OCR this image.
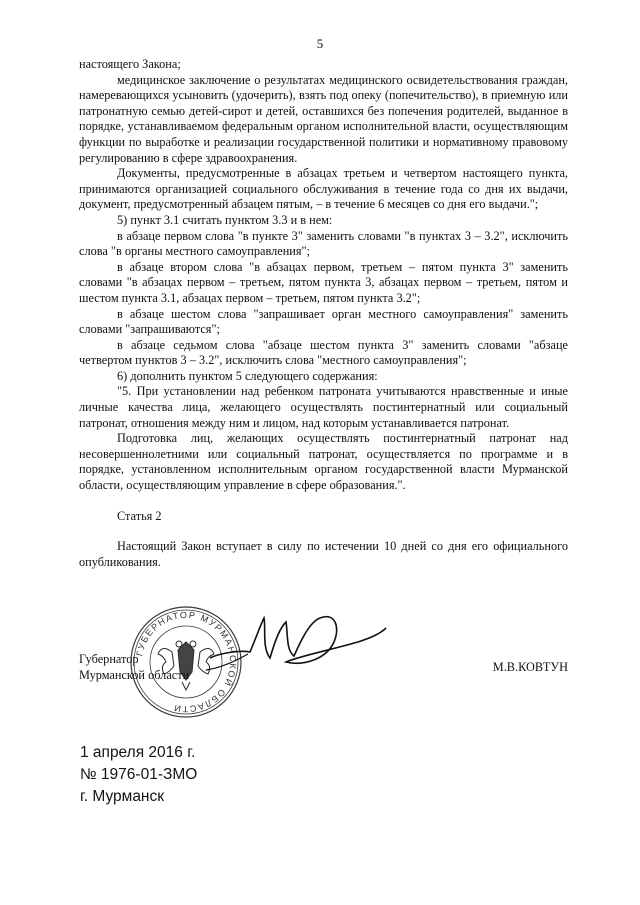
5

настоящего Закона;

медицинское заключение о результатах медицинского освидетельствования граждан, намеревающихся усыновить (удочерить), взять под опеку (попечительство), в приемную или патронатную семью детей-сирот и детей, оставшихся без попечения родителей, выданное в порядке, устанавливаемом федеральным органом исполнительной власти, осуществляющим функции по выработке и реализации государственной политики и нормативному правовому регулированию в сфере здравоохранения.

Документы, предусмотренные в абзацах третьем и четвертом настоящего пункта, принимаются организацией социального обслуживания в течение года со дня их выдачи, документ, предусмотренный абзацем пятым, – в течение 6 месяцев со дня его выдачи.";

5) пункт 3.1 считать пунктом 3.3 и в нем:

в абзаце первом слова "в пункте 3" заменить словами "в пунктах 3 – 3.2", исключить слова "в органы местного самоуправления";

в абзаце втором слова "в абзацах первом, третьем – пятом пункта 3" заменить словами "в абзацах первом – третьем, пятом пункта 3, абзацах первом – третьем, пятом и шестом пункта 3.1, абзацах первом – третьем, пятом пункта 3.2";

в абзаце шестом слова "запрашивает орган местного самоуправления" заменить словами "запрашиваются";

в абзаце седьмом слова "абзаце шестом пункта 3" заменить словами "абзаце четвертом пунктов 3 – 3.2", исключить слова "местного самоуправления";

6) дополнить пунктом 5 следующего содержания:

"5. При установлении над ребенком патроната учитываются нравственные и иные личные качества лица, желающего осуществлять постинтернатный или социальный патронат, отношения между ним и лицом, над которым устанавливается патронат.

Подготовка лиц, желающих осуществлять постинтернатный патронат над несовершеннолетними или социальный патронат, осуществляется по программе и в порядке, установленном исполнительным органом государственной власти Мурманской области, осуществляющим управление в сфере образования.".

Статья 2

Настоящий Закон вступает в силу по истечении 10 дней со дня его официального опубликования.

ГУБЕРНАТОР МУРМАНСКОЙ ОБЛАСТИ
Губернатор
Мурманской области
М.В.КОВТУН
1 апреля 2016 г.
№ 1976-01-ЗМО
г. Мурманск
